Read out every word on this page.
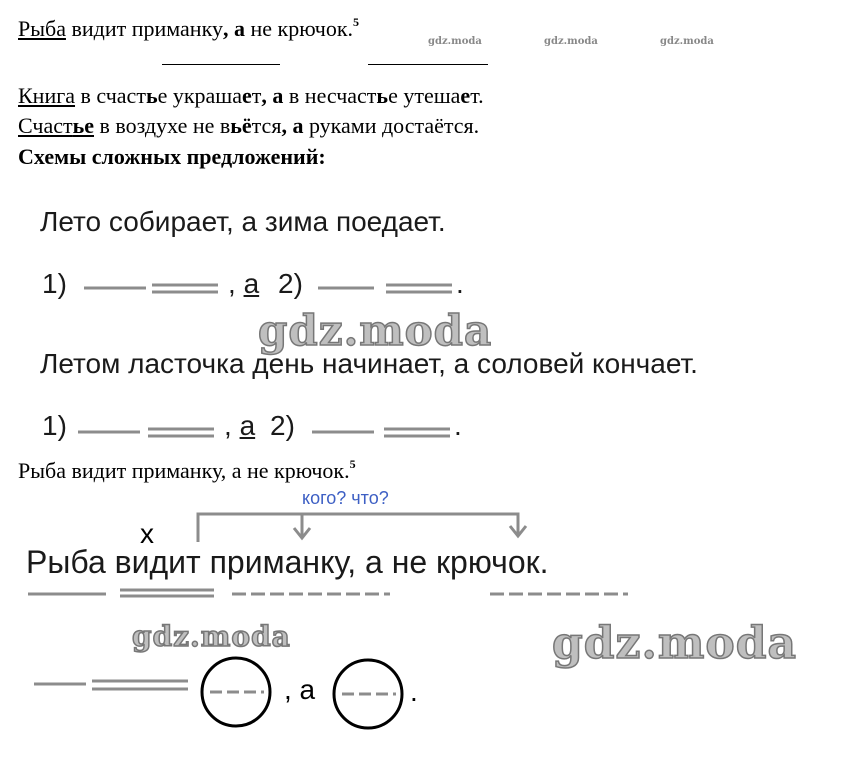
Рыба видит приманку, а не крючок.$^5$
gdz.moda	gdz.moda	gdz.moda
Книга в счастье украшает, а в несчастье утешает.
Счастье в воздухе не вьётся, а руками достаётся.
Схемы сложных предложений:
Лето собирает, а зима поедает.
1)	, а 2)	.
gdz.moda
Летом ласточка день начинает, а соловей кончает.
1)	, а 2)	.
Рыба видит приманку, а не крючок.$^5$
кого? что?
х
Рыба видит приманку, а не крючок.
gdz.moda	gdz.moda
, а	.
